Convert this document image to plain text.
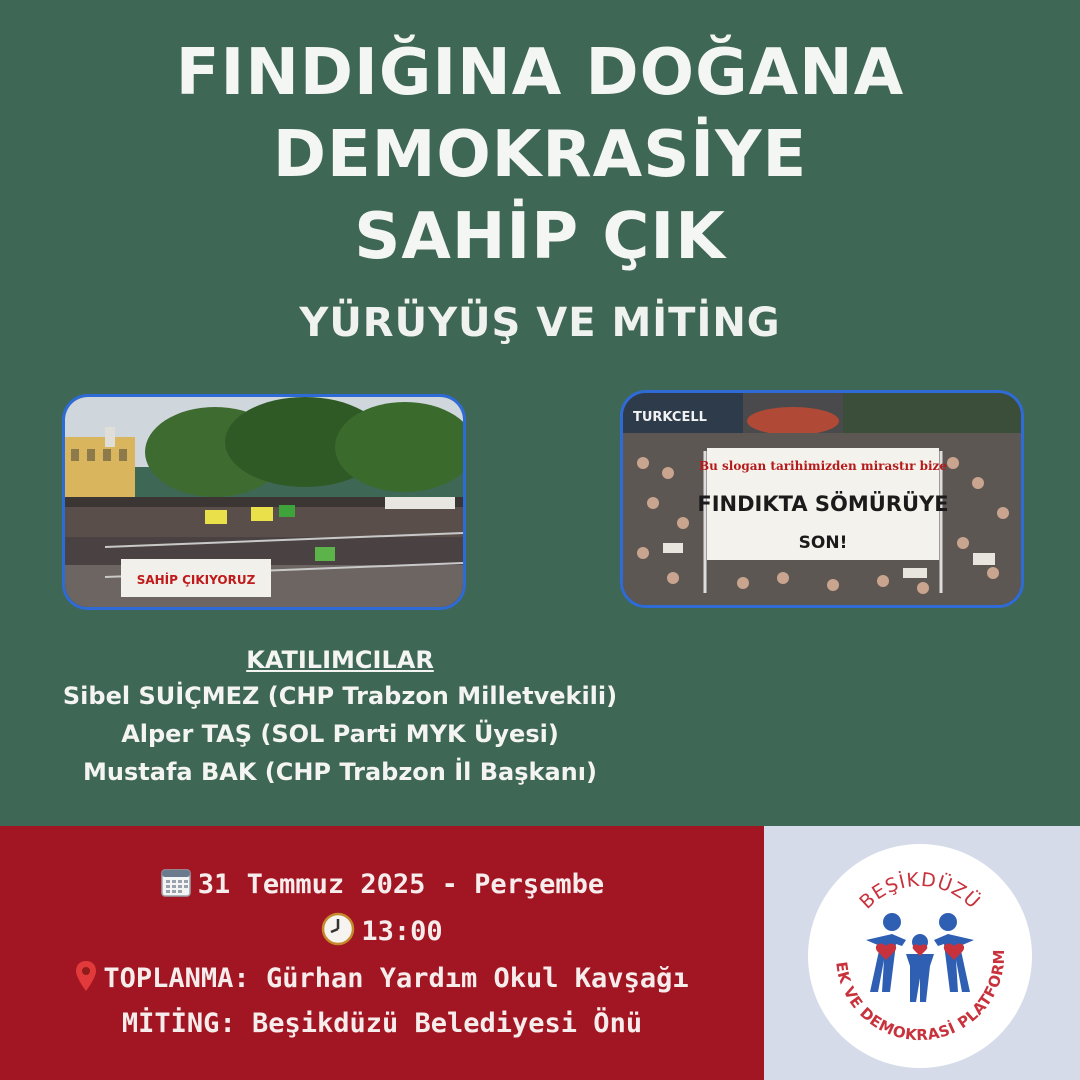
FINDIĞINA DOĞANA
DEMOKRASİYE
SAHİP ÇIK
YÜRÜYÜŞ VE MİTİNG
SAHİP ÇIKIYORUZ
TURKCELL
Bu slogan tarihimizden mirastır bize
FINDIKTA SÖMÜRÜYE
SON!
KATILIMCILAR
Sibel SUİÇMEZ (CHP Trabzon Milletvekili)
Alper TAŞ (SOL Parti MYK Üyesi)
Mustafa BAK (CHP Trabzon İl Başkanı)
31 Temmuz 2025 - Perşembe
13:00
TOPLANMA: Gürhan Yardım Okul Kavşağı
MİTİNG: Beşikdüzü Belediyesi Önü
BEŞİKDÜZÜ
EK VE DEMOKRASİ PLATFORM
